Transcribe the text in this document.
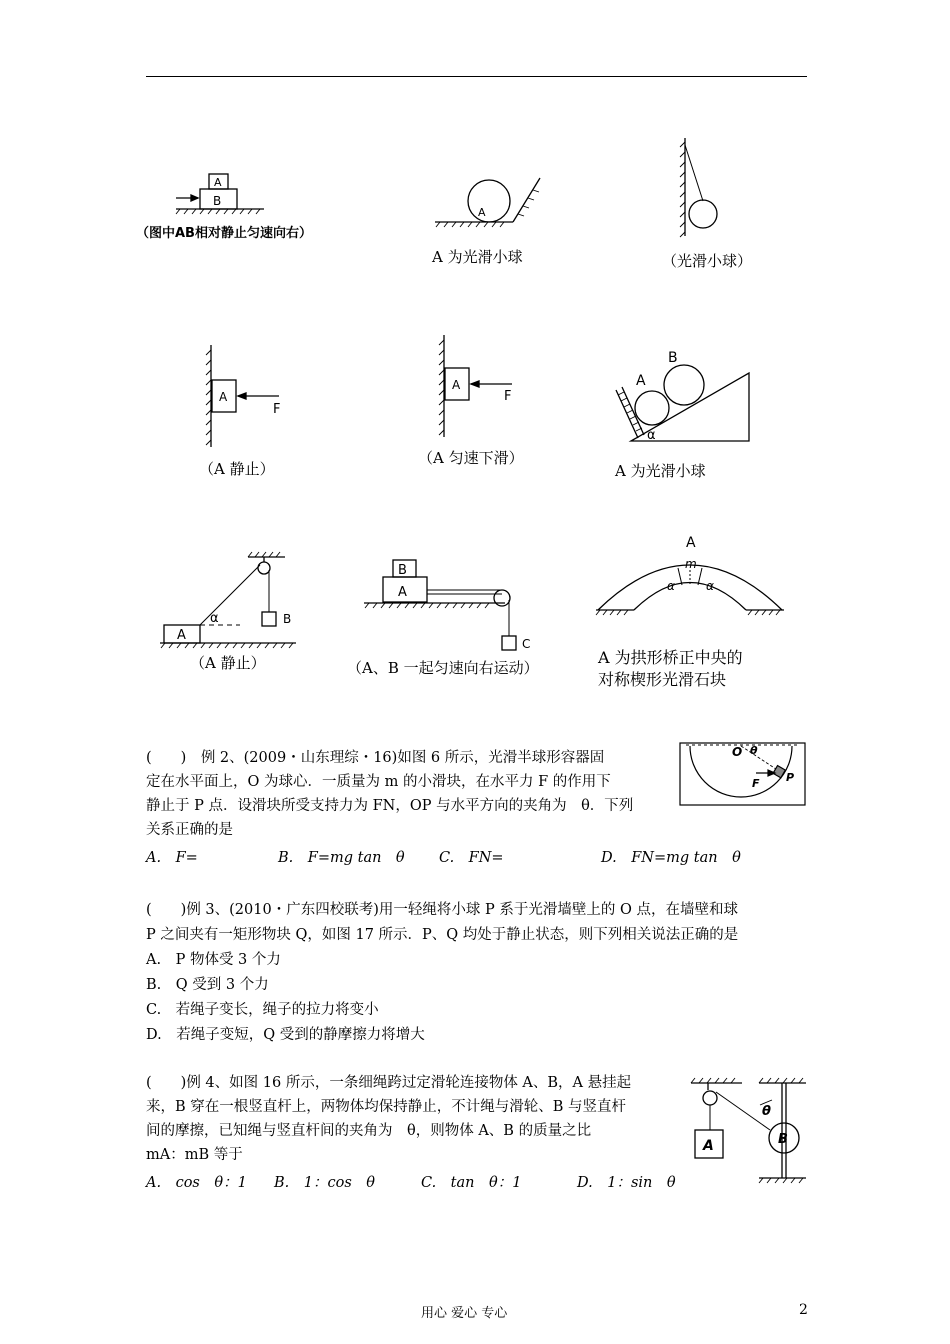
A
B
A
A
F
A
F
A
B
α
A
B
α
B
A
C
A
m
α	α
O θ
F P
A
θ
B
（图中AB相对静止匀速向右）
A 为光滑小球	（光滑小球）
（A 静止）
（A 匀速下滑）
A 为光滑小球
（A 静止）	（A、B 一起匀速向右运动）
A 为拱形桥正中央的
对称楔形光滑石块
(　　)　例 2、(2009・山东理综・16)如图 6 所示，光滑半球形容器固
定在水平面上，O 为球心．一质量为 m 的小滑块，在水平力 F 的作用下
静止于 P 点．设滑块所受支持力为 FN，OP 与水平方向的夹角为　θ．下列
关系正确的是
A.　F=	B.　F=mg tan　θ C.　FN=	D.　FN=mg tan　θ
(　　)例 3、(2010・广东四校联考)用一轻绳将小球 P 系于光滑墙壁上的 O 点，在墙壁和球
P 之间夹有一矩形物块 Q，如图 17 所示．P、Q 均处于静止状态，则下列相关说法正确的是
A.　P 物体受 3 个力
B.　Q 受到 3 个力
C.　若绳子变长，绳子的拉力将变小
D.　若绳子变短，Q 受到的静摩擦力将增大
(　　)例 4、如图 16 所示，一条细绳跨过定滑轮连接物体 A、B，A 悬挂起
来，B 穿在一根竖直杆上，两物体均保持静止，不计绳与滑轮、B 与竖直杆
间的摩擦，已知绳与竖直杆间的夹角为　θ，则物体 A、B 的质量之比
mA：mB 等于
A.　cos　θ：1 B.　1：cos　θ	C.　tan　θ：1	D.　1：sin　θ
用心 爱心 专心	2
